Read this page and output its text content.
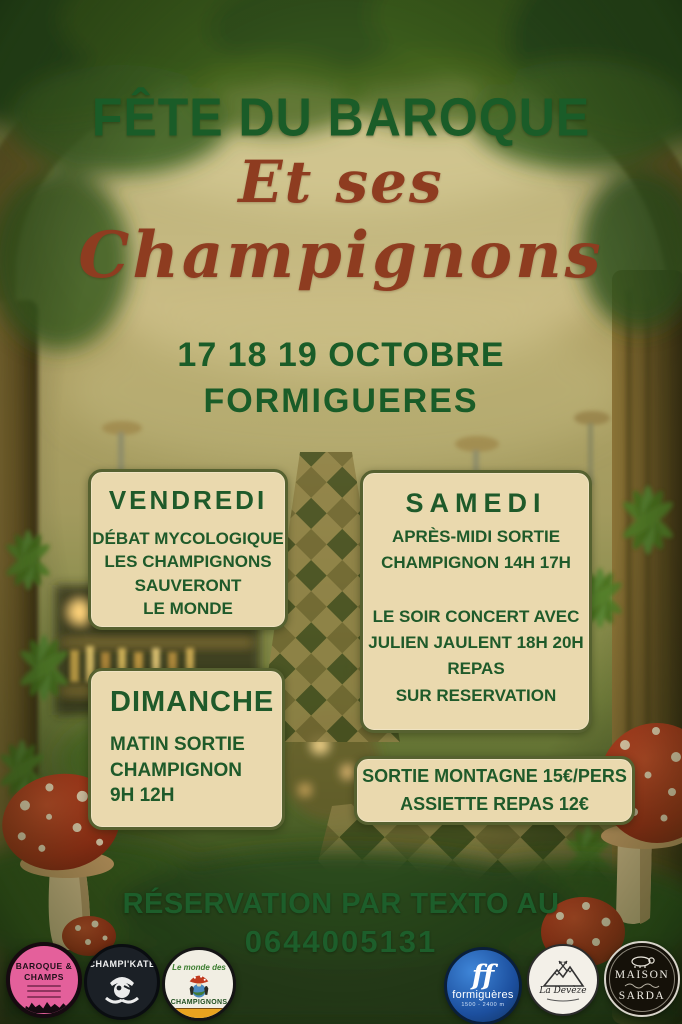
FÊTE DU BAROQUE
Et ses
Champignons
17 18 19 OCTOBRE
FORMIGUERES
VENDREDI
DÉBAT MYCOLOGIQUE
LES CHAMPIGNONS
SAUVERONT
LE MONDE
SAMEDI
APRÈS-MIDI SORTIE
CHAMPIGNON 14H 17H
LE SOIR CONCERT AVEC
JULIEN JAULENT 18H 20H
REPAS
SUR RESERVATION
DIMANCHE
MATIN SORTIE
CHAMPIGNON
9H 12H
SORTIE MONTAGNE 15€/PERS
ASSIETTE REPAS 12€
RÉSERVATION PAR TEXTO AU
0644005131
BAROQUE &
CHAMPS
CHAMPI'KATE Le monde des
CHAMPIGNONS
ff
formiguères
1500 - 2400 m
La Devèze
MAISON
SARDA
